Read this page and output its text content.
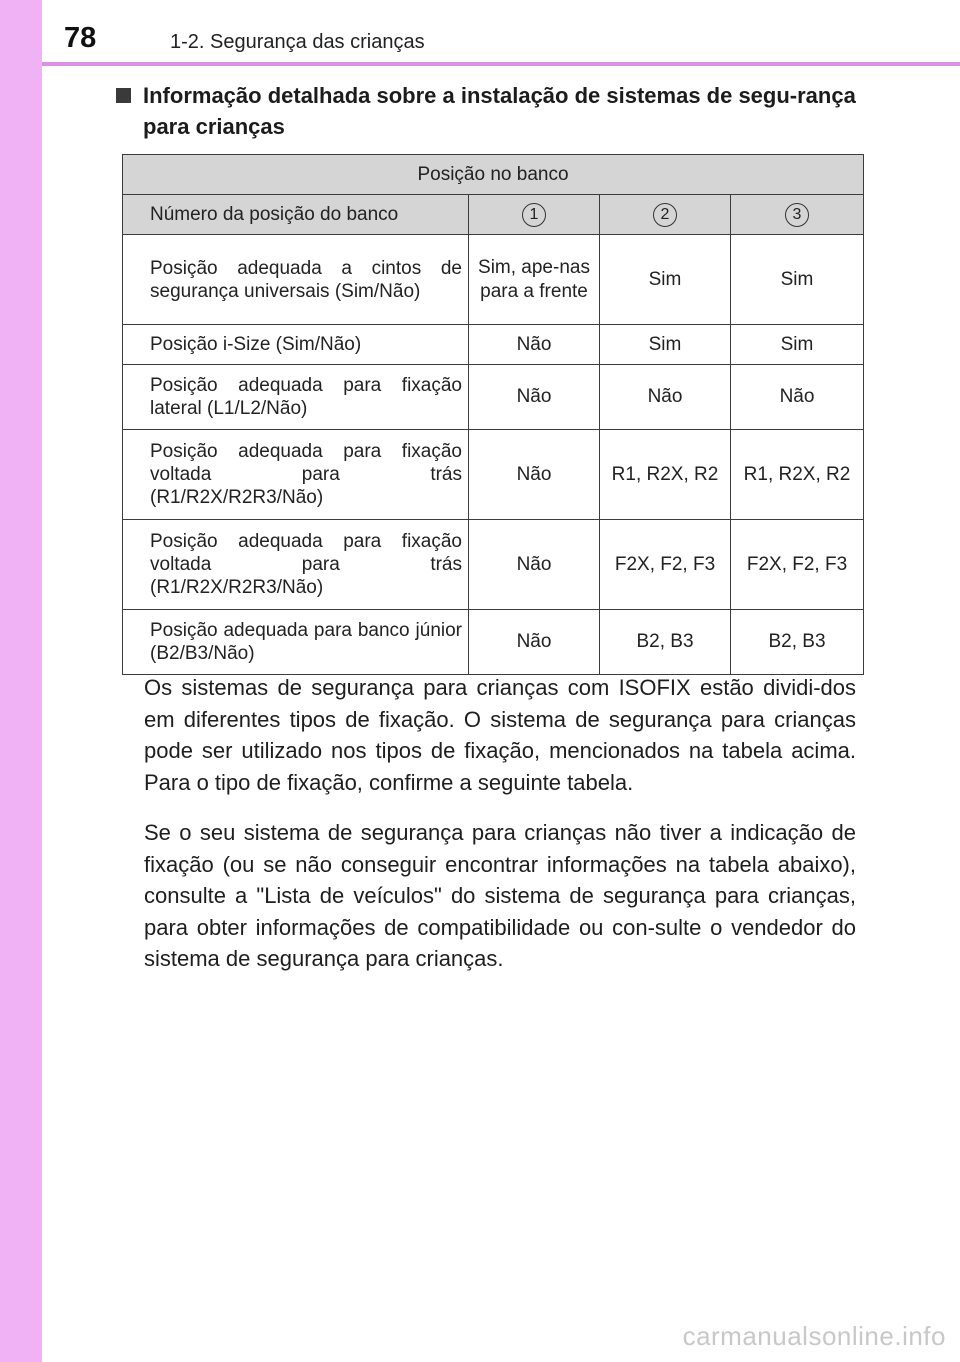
78	1-2. Segurança das crianças
Informação detalhada sobre a instalação de sistemas de segu-rança para crianças
Posição no banco			
Número da posição do banco	1	2	3
Posição adequada a cintos de segurança universais (Sim/Não)	Sim, ape-nas para a frente	Sim	Sim
Posição i-Size (Sim/Não)	Não	Sim	Sim
Posição adequada para fixação lateral (L1/L2/Não)	Não	Não	Não
Posição adequada para fixação voltada para trás (R1/R2X/R2R3/Não)	Não	R1, R2X, R2	R1, R2X, R2
Posição adequada para fixação voltada para trás (R1/R2X/R2R3/Não)	Não	F2X, F2, F3	F2X, F2, F3
Posição adequada para banco júnior (B2/B3/Não)	Não	B2, B3	B2, B3

Os sistemas de segurança para crianças com ISOFIX estão dividi-dos em diferentes tipos de fixação. O sistema de segurança para crianças pode ser utilizado nos tipos de fixação, mencionados na tabela acima. Para o tipo de fixação, confirme a seguinte tabela.

Se o seu sistema de segurança para crianças não tiver a indicação de fixação (ou se não conseguir encontrar informações na tabela abaixo), consulte a "Lista de veículos" do sistema de segurança para crianças, para obter informações de compatibilidade ou con-sulte o vendedor do sistema de segurança para crianças.

carmanualsonline.info
